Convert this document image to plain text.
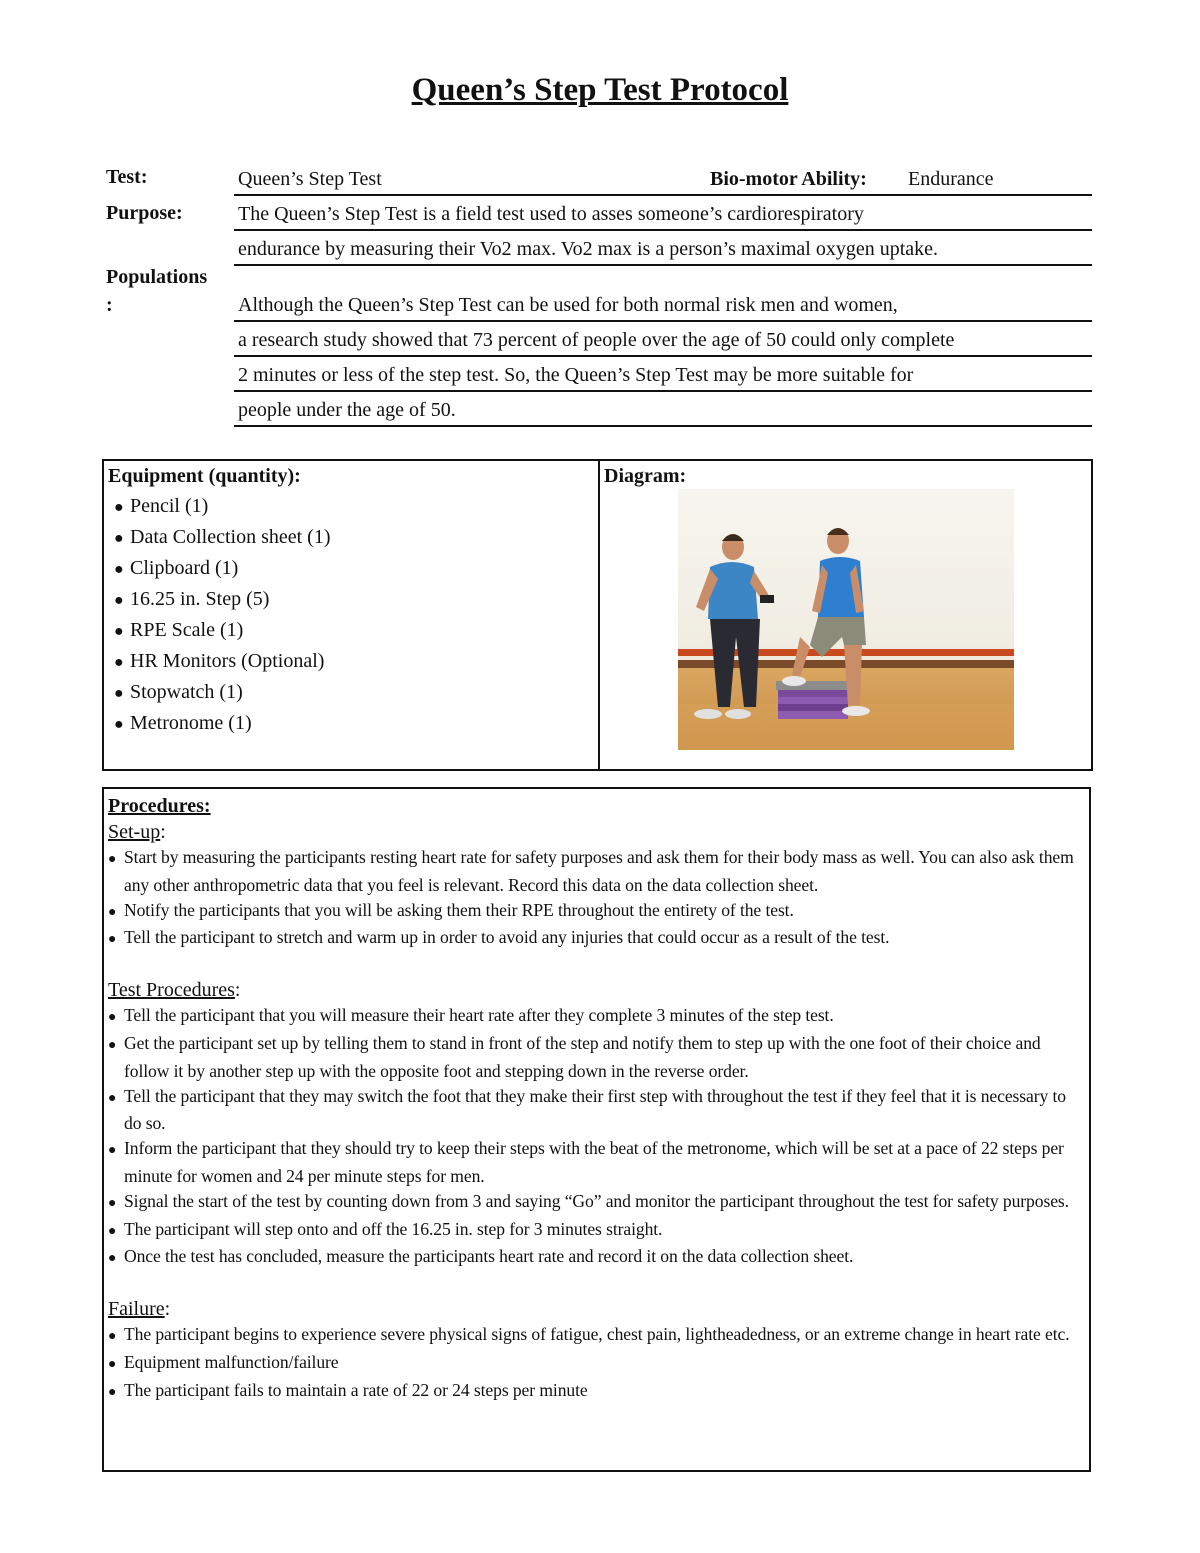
Queen’s Step Test Protocol
Test:	Queen’s Step Test	Bio-motor Ability: Endurance
Purpose:	The Queen’s Step Test is a field test used to asses someone’s cardiorespiratory
endurance by measuring their Vo2 max. Vo2 max is a person’s maximal oxygen uptake.
Populations
:	Although the Queen’s Step Test can be used for both normal risk men and women,
a research study showed that 73 percent of people over the age of 50 could only complete
2 minutes or less of the step test. So, the Queen’s Step Test may be more suitable for
people under the age of 50.
Equipment (quantity):
● Pencil (1)
● Data Collection sheet (1)
● Clipboard (1)
● 16.25 in. Step (5)
● RPE Scale (1)
● HR Monitors (Optional)
● Stopwatch (1)
● Metronome (1)
Diagram:
Procedures:
Set-up:
● Start by measuring the participants resting heart rate for safety purposes and ask them for their body mass as well. You can also ask them any other anthropometric data that you feel is relevant. Record this data on the data collection sheet.
● Notify the participants that you will be asking them their RPE throughout the entirety of the test.
● Tell the participant to stretch and warm up in order to avoid any injuries that could occur as a result of the test.
Test Procedures:
● Tell the participant that you will measure their heart rate after they complete 3 minutes of the step test.
● Get the participant set up by telling them to stand in front of the step and notify them to step up with the one foot of their choice and follow it by another step up with the opposite foot and stepping down in the reverse order.
● Tell the participant that they may switch the foot that they make their first step with throughout the test if they feel that it is necessary to do so.
● Inform the participant that they should try to keep their steps with the beat of the metronome, which will be set at a pace of 22 steps per minute for women and 24 per minute steps for men.
● Signal the start of the test by counting down from 3 and saying “Go” and monitor the participant throughout the test for safety purposes.
● The participant will step onto and off the 16.25 in. step for 3 minutes straight.
● Once the test has concluded, measure the participants heart rate and record it on the data collection sheet.
Failure:
● The participant begins to experience severe physical signs of fatigue, chest pain, lightheadedness, or an extreme change in heart rate etc.
● Equipment malfunction/failure
● The participant fails to maintain a rate of 22 or 24 steps per minute
